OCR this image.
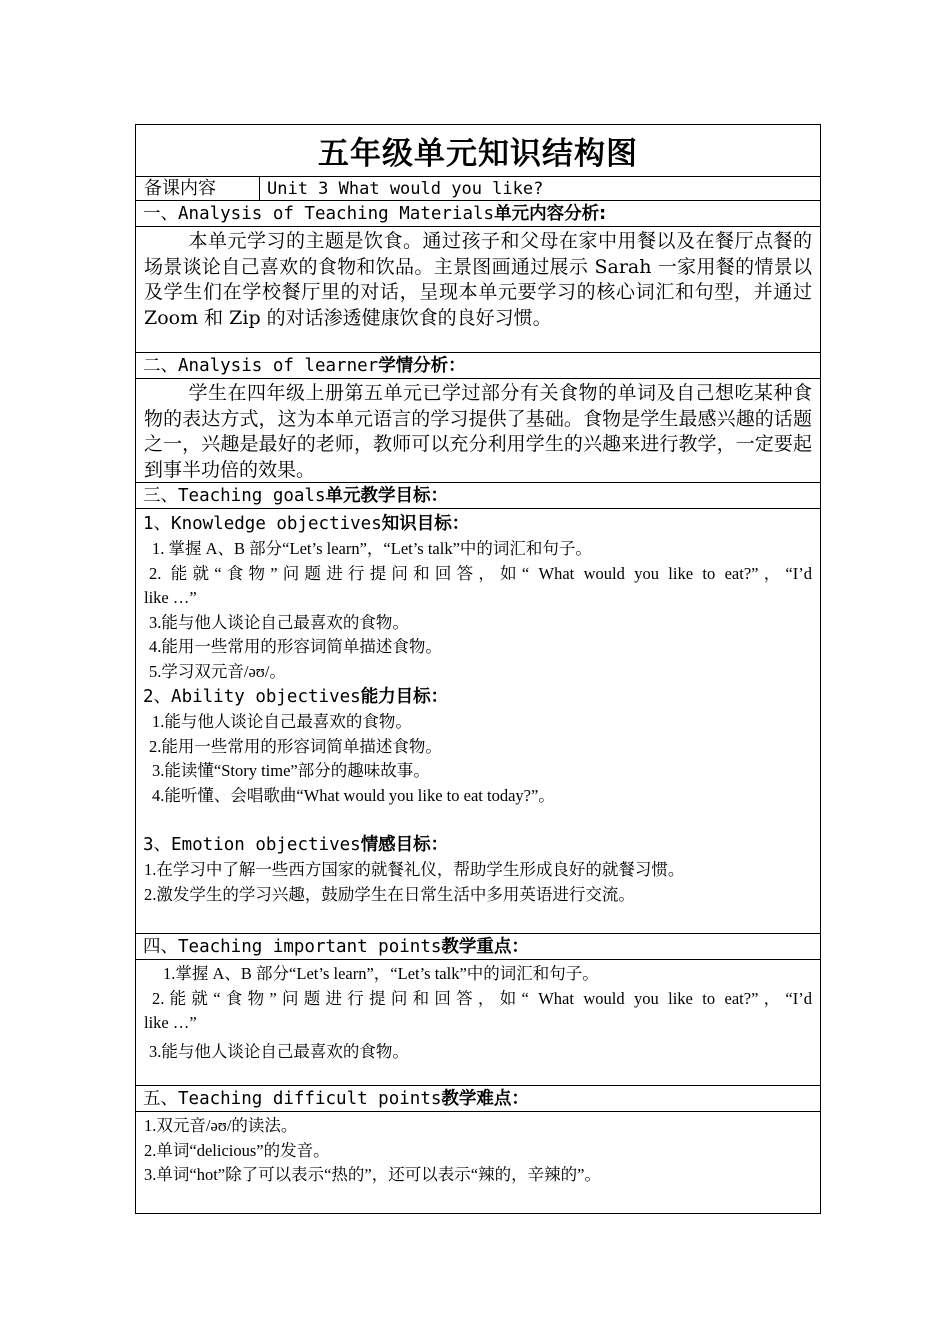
五年级单元知识结构图
备课内容	Unit 3 What would you like?
一、Analysis of Teaching Materials单元内容分析:
本单元学习的主题是饮食。通过孩子和父母在家中用餐以及在餐厅点餐的场景谈论自己喜欢的食物和饮品。主景图画通过展示 Sarah 一家用餐的情景以及学生们在学校餐厅里的对话，呈现本单元要学习的核心词汇和句型，并通过 Zoom 和 Zip 的对话渗透健康饮食的良好习惯。
二、Analysis of learner学情分析：
学生在四年级上册第五单元已学过部分有关食物的单词及自己想吃某种食物的表达方式，这为本单元语言的学习提供了基础。食物是学生最感兴趣的话题之一，兴趣是最好的老师，教师可以充分利用学生的兴趣来进行教学，一定要起到事半功倍的效果。
三、Teaching goals单元教学目标：
1、Knowledge objectives知识目标：
1. 掌握 A、B 部分“Let’s learn”，“Let’s talk”中的词汇和句子。
2. 能就“食物”问题进行提问和回答，如“ What would you like to eat?”，“I’d
like …”
3.能与他人谈论自己最喜欢的食物。
4.能用一些常用的形容词简单描述食物。
5.学习双元音/əʊ/。
2、Ability objectives能力目标：
1.能与他人谈论自己最喜欢的食物。
2.能用一些常用的形容词简单描述食物。
3.能读懂“Story time”部分的趣味故事。
4.能听懂、会唱歌曲“What would you like to eat today?”。
3、Emotion objectives情感目标：
1.在学习中了解一些西方国家的就餐礼仪，帮助学生形成良好的就餐习惯。
2.激发学生的学习兴趣，鼓励学生在日常生活中多用英语进行交流。
四、Teaching important points教学重点：
1.掌握 A、B 部分“Let’s learn”，“Let’s talk”中的词汇和句子。
2.能就“食物”问题进行提问和回答，如“ What would you like to eat?”，“I’d
like …”
3.能与他人谈论自己最喜欢的食物。
五、Teaching difficult points教学难点：
1.双元音/əʊ/的读法。
2.单词“delicious”的发音。
3.单词“hot”除了可以表示“热的”，还可以表示“辣的，辛辣的”。
